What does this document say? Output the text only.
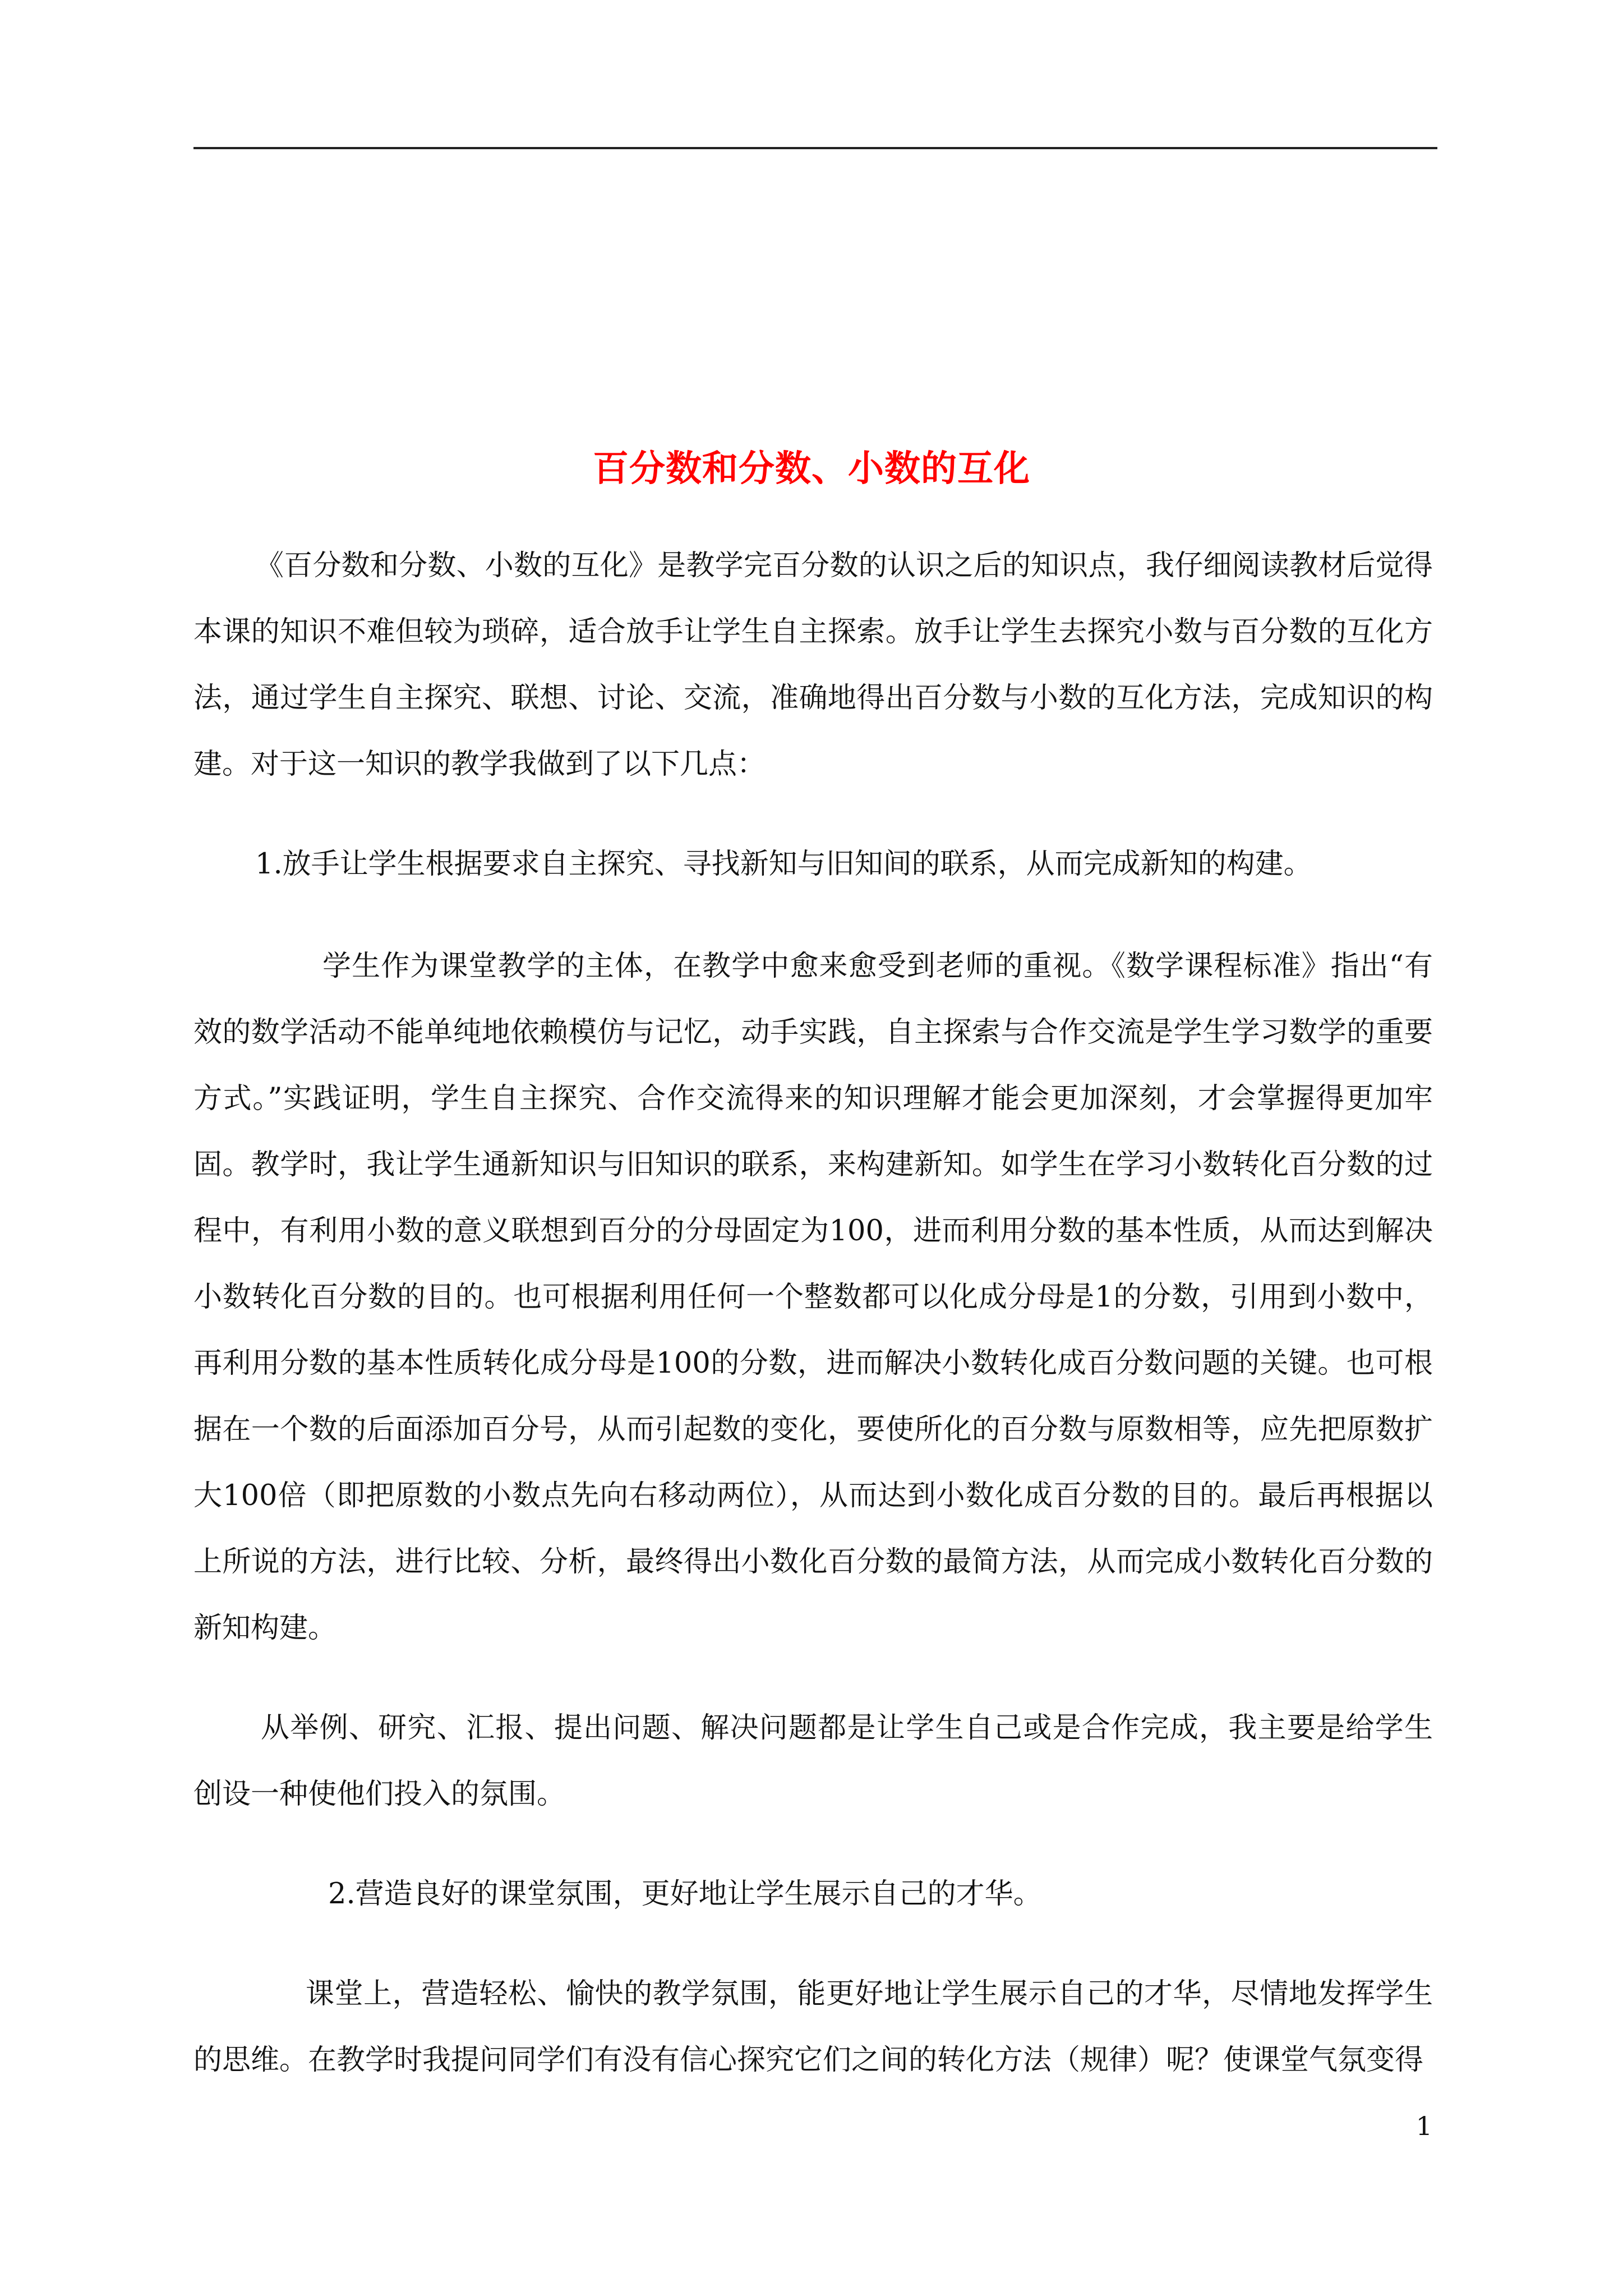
百分数和分数、小数的互化

《百分数和分数、小数的互化》是教学完百分数的认识之后的知识点，我仔细阅读教材后觉得本课的知识不难但较为琐碎，适合放手让学生自主探索。放手让学生去探究小数与百分数的互化方法，通过学生自主探究、联想、讨论、交流，准确地得出百分数与小数的互化方法，完成知识的构建。对于这一知识的教学我做到了以下几点：

1.放手让学生根据要求自主探究、寻找新知与旧知间的联系，从而完成新知的构建。

学生作为课堂教学的主体，在教学中愈来愈受到老师的重视。《数学课程标准》指出“有效的数学活动不能单纯地依赖模仿与记忆，动手实践，自主探索与合作交流是学生学习数学的重要方式。”实践证明，学生自主探究、合作交流得来的知识理解才能会更加深刻，才会掌握得更加牢固。教学时，我让学生通新知识与旧知识的联系，来构建新知。如学生在学习小数转化百分数的过程中，有利用小数的意义联想到百分的分母固定为100，进而利用分数的基本性质，从而达到解决小数转化百分数的目的。也可根据利用任何一个整数都可以化成分母是1的分数，引用到小数中，再利用分数的基本性质转化成分母是100的分数，进而解决小数转化成百分数问题的关键。也可根据在一个数的后面添加百分号，从而引起数的变化，要使所化的百分数与原数相等，应先把原数扩大100倍（即把原数的小数点先向右移动两位），从而达到小数化成百分数的目的。最后再根据以上所说的方法，进行比较、分析，最终得出小数化百分数的最简方法，从而完成小数转化百分数的新知构建。

从举例、研究、汇报、提出问题、解决问题都是让学生自己或是合作完成，我主要是给学生创设一种使他们投入的氛围。

2.营造良好的课堂氛围，更好地让学生展示自己的才华。

课堂上，营造轻松、愉快的教学氛围，能更好地让学生展示自己的才华，尽情地发挥学生的思维。在教学时我提问同学们有没有信心探究它们之间的转化方法（规律）呢？使课堂气氛变得

1
